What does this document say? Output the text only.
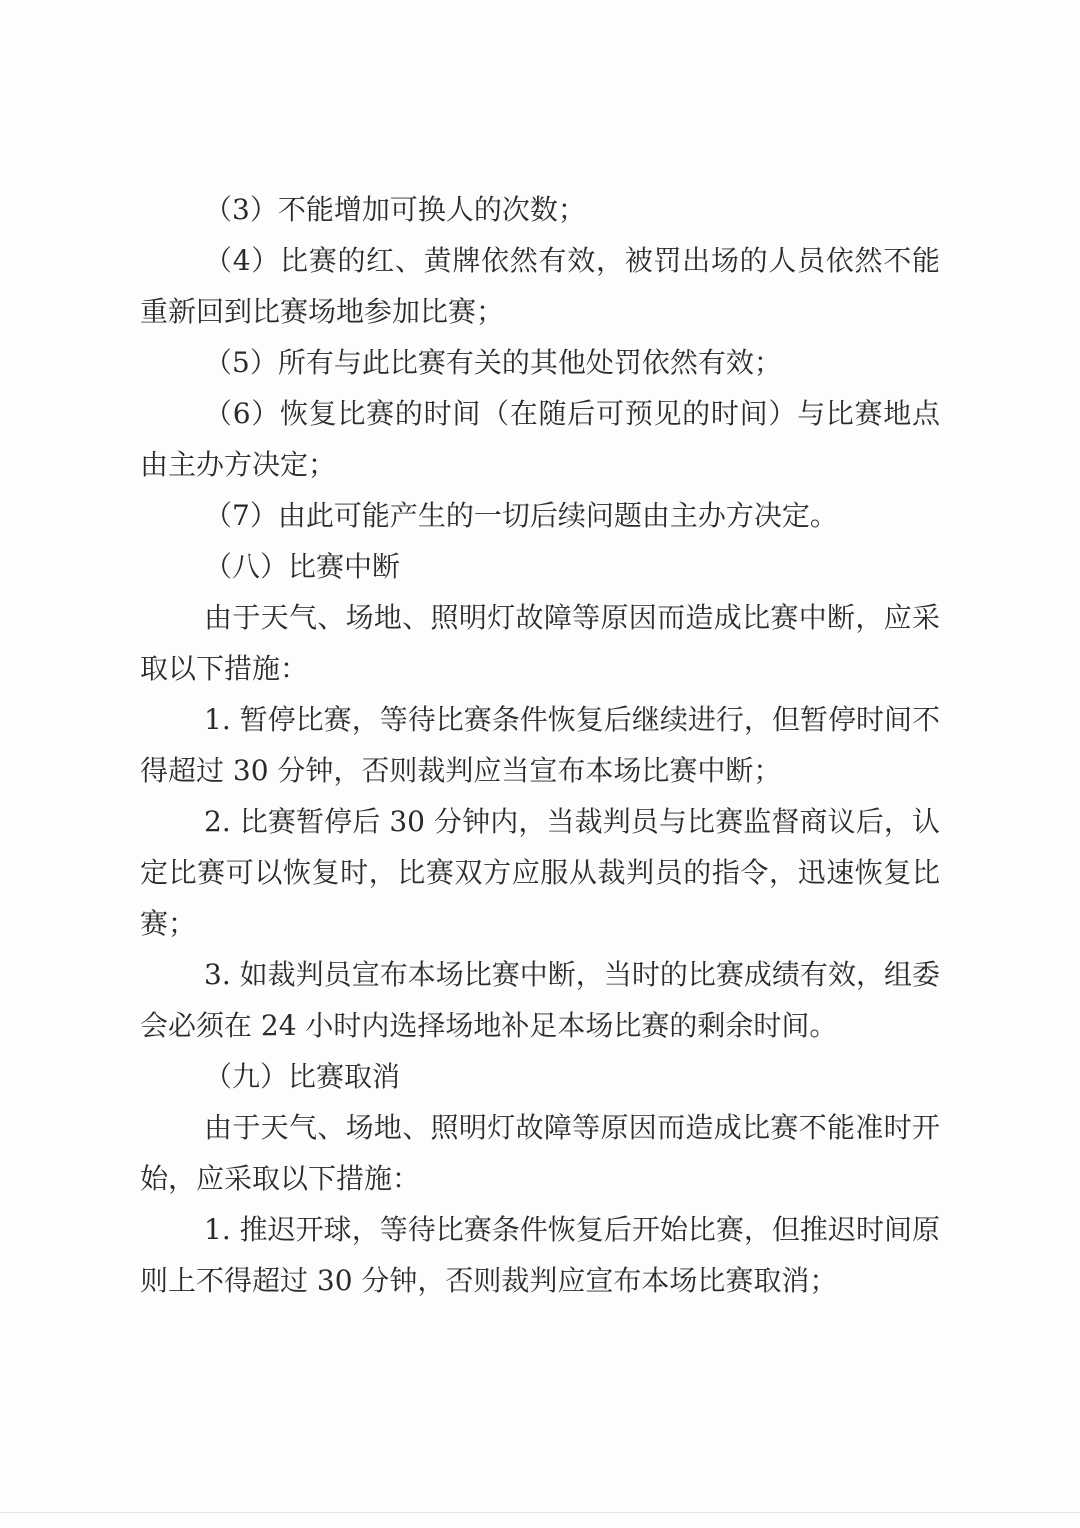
（3）不能增加可换人的次数；
（4）比赛的红、黄牌依然有效，被罚出场的人员依然不能
重新回到比赛场地参加比赛；
（5）所有与此比赛有关的其他处罚依然有效；
（6）恢复比赛的时间（在随后可预见的时间）与比赛地点
由主办方决定；
（7）由此可能产生的一切后续问题由主办方决定。
（八）比赛中断
由于天气、场地、照明灯故障等原因而造成比赛中断，应采
取以下措施：
1. 暂停比赛，等待比赛条件恢复后继续进行，但暂停时间不
得超过 30 分钟，否则裁判应当宣布本场比赛中断；
2. 比赛暂停后 30 分钟内，当裁判员与比赛监督商议后，认
定比赛可以恢复时，比赛双方应服从裁判员的指令，迅速恢复比
赛；
3. 如裁判员宣布本场比赛中断，当时的比赛成绩有效，组委
会必须在 24 小时内选择场地补足本场比赛的剩余时间。
（九）比赛取消
由于天气、场地、照明灯故障等原因而造成比赛不能准时开
始，应采取以下措施：
1. 推迟开球，等待比赛条件恢复后开始比赛，但推迟时间原
则上不得超过 30 分钟，否则裁判应宣布本场比赛取消；
